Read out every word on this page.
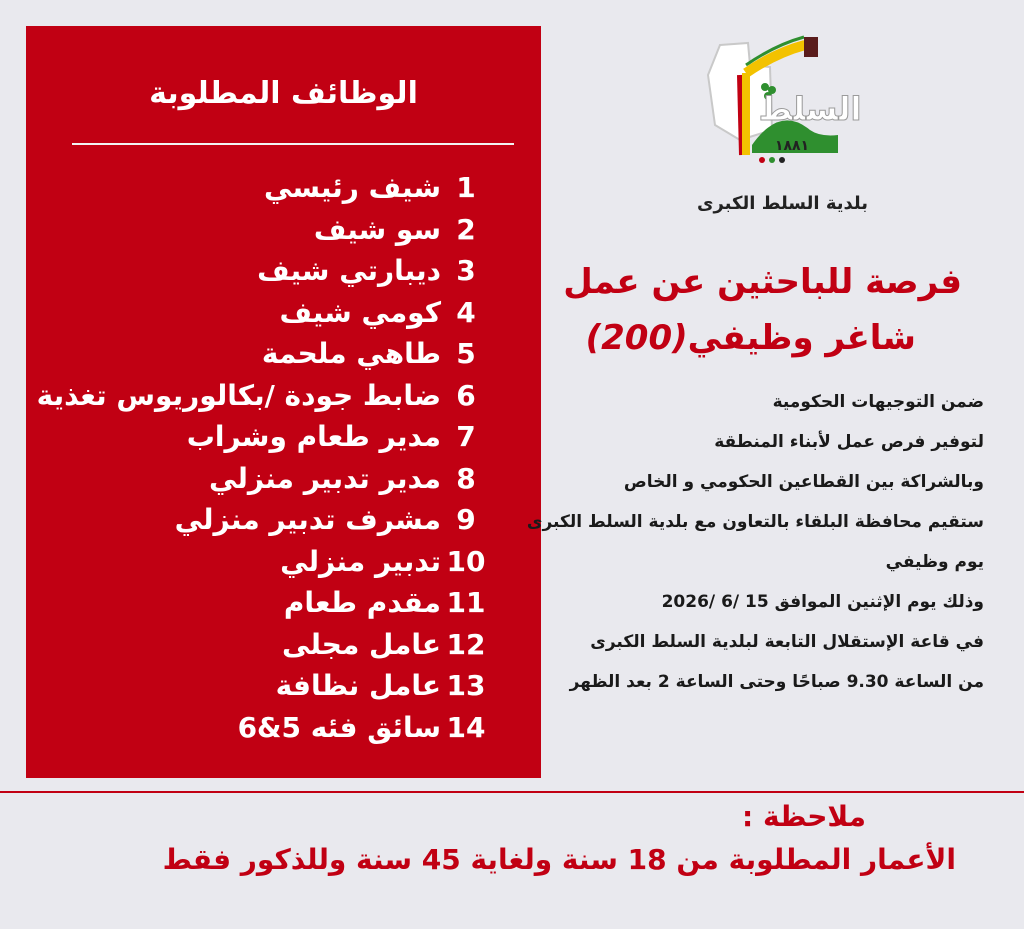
الوظائف المطلوبة
1
شيف رئيسي
2
سو شيف
3
ديبارتي شيف
4
كومي شيف
5
طاهي ملحمة
6
ضابط جودة /بكالوريوس تغذية
7
مدير طعام وشراب
8
مدير تدبير منزلي
9
مشرف تدبير منزلي
10
تدبير منزلي
11
مقدم طعام
12
عامل مجلى
13
عامل نظافة
14
سائق فئه 5&6
السلط
١٨٨١

بلدية السلط الكبرى

فرصة للباحثين عن عمل
شاغر وظيفي(200)
ضمن التوجيهات الحكومية
لتوفير فرص عمل لأبناء المنطقة
وبالشراكة بين القطاعين الحكومي و الخاص
ستقيم محافظة البلقاء بالتعاون مع بلدية السلط الكبرى
يوم وظيفي
وذلك يوم الإثنين الموافق 15 /6 /2026
في قاعة الإستقلال التابعة لبلدية السلط الكبرى
من الساعة 9.30 صباحًا وحتى الساعة 2 بعد الظهر

ملاحظة :

الأعمار المطلوبة من 18 سنة ولغاية 45 سنة وللذكور فقط
